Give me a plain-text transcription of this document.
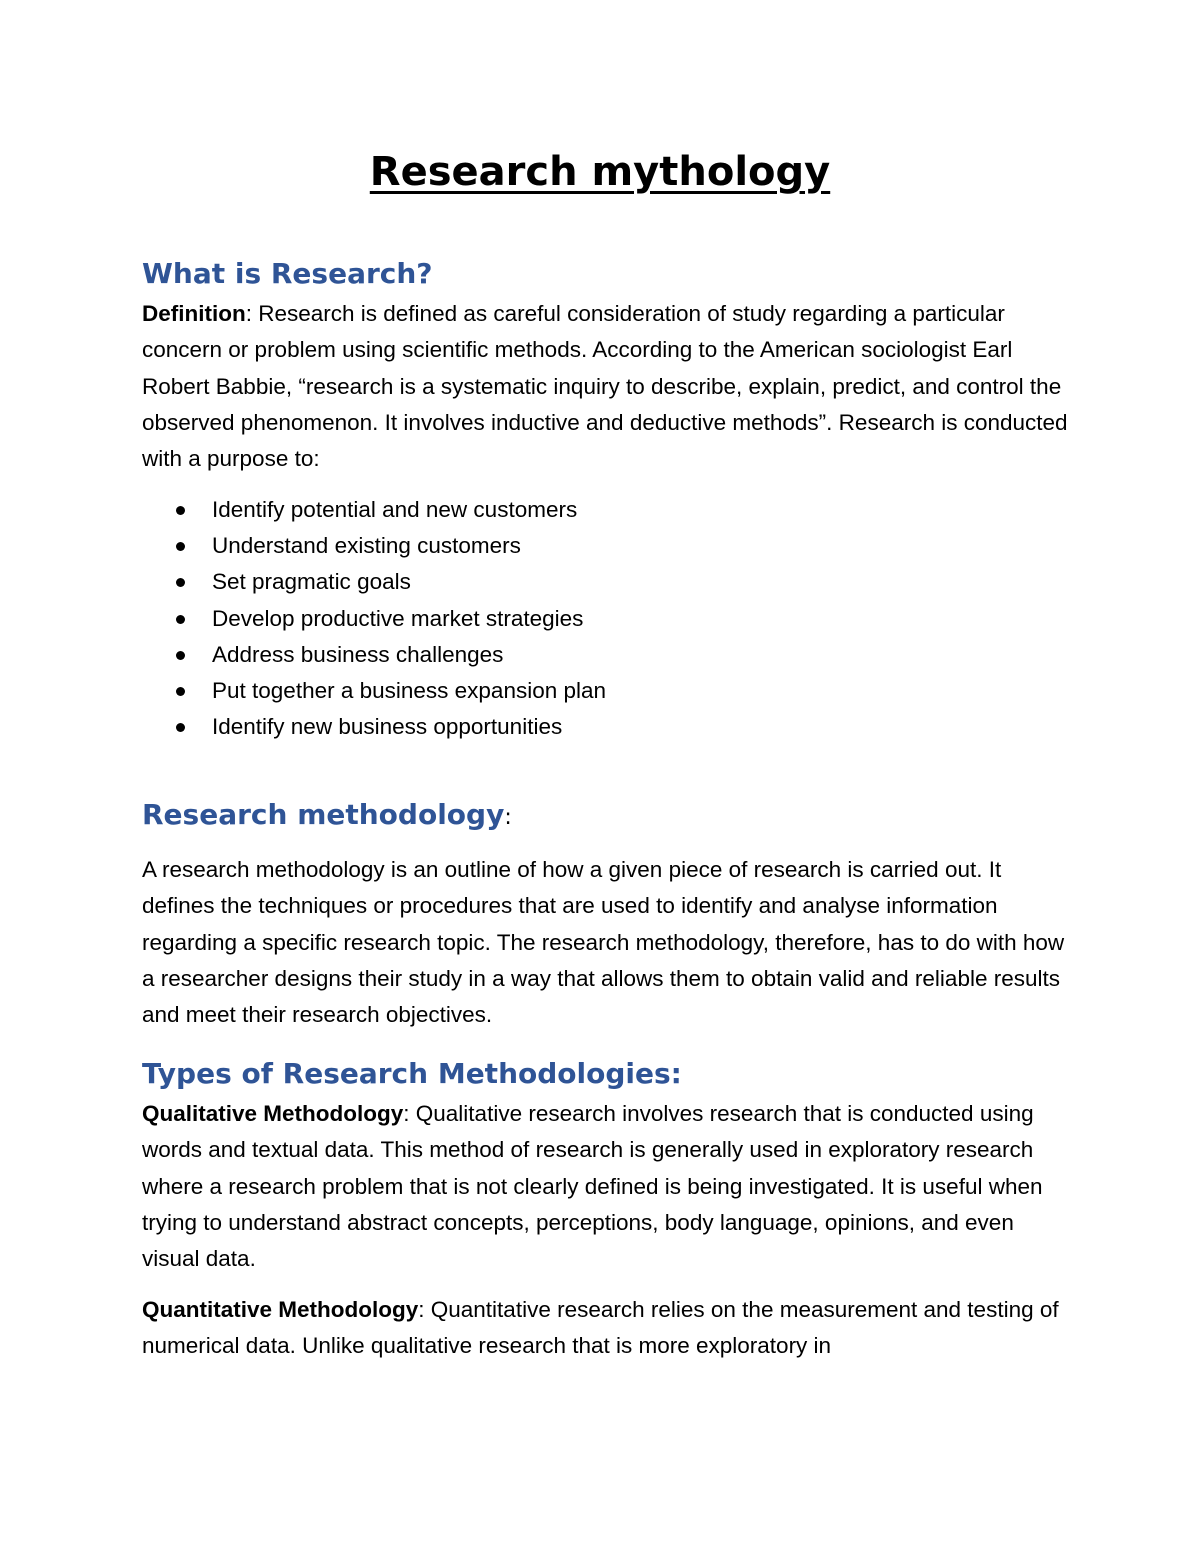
Research mythology
What is Research?

Definition: Research is defined as careful consideration of study regarding a particular concern or problem using scientific methods. According to the American sociologist Earl Robert Babbie, “research is a systematic inquiry to describe, explain, predict, and control the observed phenomenon. It involves inductive and deductive methods”. Research is conducted with a purpose to:

Identify potential and new customers
Understand existing customers
Set pragmatic goals
Develop productive market strategies
Address business challenges
Put together a business expansion plan
Identify new business opportunities
Research methodology:

A research methodology is an outline of how a given piece of research is carried out. It defines the techniques or procedures that are used to identify and analyse information regarding a specific research topic. The research methodology, therefore, has to do with how a researcher designs their study in a way that allows them to obtain valid and reliable results and meet their research objectives.

Types of Research Methodologies:

Qualitative Methodology: Qualitative research involves research that is conducted using words and textual data. This method of research is generally used in exploratory research where a research problem that is not clearly defined is being investigated. It is useful when trying to understand abstract concepts, perceptions, body language, opinions, and even visual data.

Quantitative Methodology: Quantitative research relies on the measurement and testing of numerical data. Unlike qualitative research that is more exploratory in
